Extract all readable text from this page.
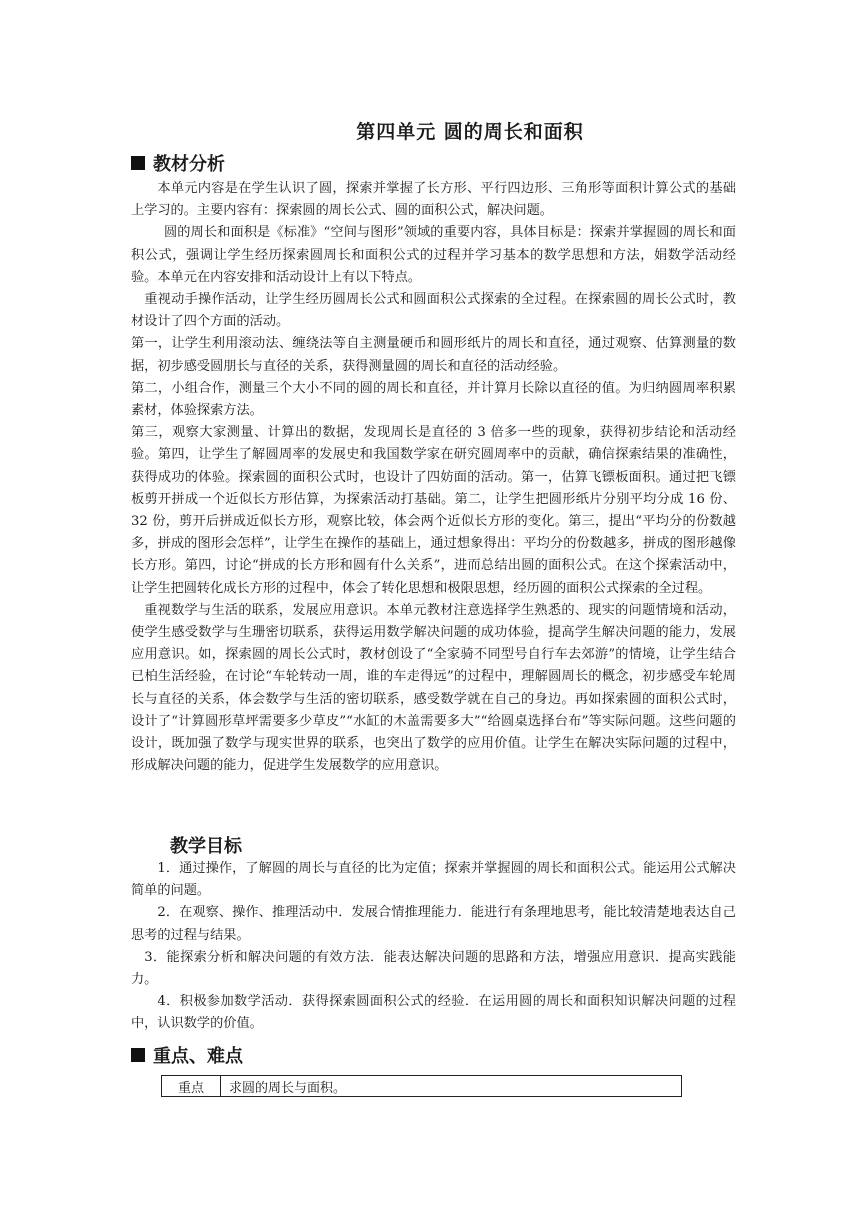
第四单元 圆的周长和面积
教材分析

本单元内容是在学生认识了圆，探索并掌握了长方形、平行四边形、三角形等面积计算公式的基础上学习的。主要内容有：探索圆的周长公式、圆的面积公式，解决问题。

圆的周长和面积是《标准》“空间与图形”领域的重要内容，具体目标是：探索并掌握圆的周长和面积公式，强调让学生经历探索圆周长和面积公式的过程并学习基本的数学思想和方法，娟数学活动经验。本单元在内容安排和活动设计上有以下特点。

重视动手操作活动，让学生经历圆周长公式和圆面积公式探索的全过程。在探索圆的周长公式时，教材设计了四个方面的活动。

第一，让学生利用滚动法、缠绕法等自主测量硬币和圆形纸片的周长和直径，通过观察、估算测量的数据，初步感受圆朋长与直径的关系，获得测量圆的周长和直径的活动经验。

第二，小组合作，测量三个大小不同的圆的周长和直径，并计算月长除以直径的值。为归纳圆周率积累素材，体验探索方法。

第三，观察大家测量、计算出的数据，发现周长是直径的 3 倍多一些的现象，获得初步结论和活动经验。第四，让学生了解圆周率的发展史和我国数学家在研究圆周率中的贡献，确信探索结果的准确性，获得成功的体验。探索圆的面积公式时，也设计了四妨面的活动。第一，估算飞镖板面积。通过把飞镖板剪开拼成一个近似长方形估算，为探索活动打基础。第二，让学生把圆形纸片分别平均分成 16 份、32 份，剪开后拼成近似长方形，观察比较，体会两个近似长方形的变化。第三，提出“平均分的份数越多，拼成的图形会怎样”，让学生在操作的基础上，通过想象得出：平均分的份数越多，拼成的图形越像长方形。第四，讨论“拼成的长方形和圆有什么关系”，进而总结出圆的面积公式。在这个探索活动中，让学生把圆转化成长方形的过程中，体会了转化思想和极限思想，经历圆的面积公式探索的全过程。

重视数学与生活的联系，发展应用意识。本单元教材注意选择学生熟悉的、现实的问题情境和活动，使学生感受数学与生珊密切联系，获得运用数学解决问题的成功体验，提高学生解决问题的能力，发展应用意识。如，探索圆的周长公式时，教材创设了“全家骑不同型号自行车去郊游”的情境，让学生结合已柏生活经验，在讨论“车轮转动一周，谁的车走得远”的过程中，理解圆周长的概念，初步感受车轮周长与直径的关系，体会数学与生活的密切联系，感受数学就在自己的身边。再如探索圆的面积公式时，设计了“计算圆形草坪需要多少草皮”“水缸的木盖需要多大”“给圆桌选择台布”等实际问题。这些问题的设计，既加强了数学与现实世界的联系，也突出了数学的应用价值。让学生在解决实际问题的过程中，形成解决问题的能力，促进学生发展数学的应用意识。

教学目标

1．通过操作，了解圆的周长与直径的比为定值；探索并掌握圆的周长和面积公式。能运用公式解决简单的问题。

2．在观察、操作、推理活动中．发展合情推理能力．能进行有条理地思考，能比较清楚地表达自己思考的过程与结果。

3．能探索分析和解决问题的有效方法．能表达解决问题的思路和方法，增强应用意识．提高实践能力。

4．积极参加数学活动．获得探索圆面积公式的经验．在运用圆的周长和面积知识解决问题的过程中，认识数学的价值。

重点、难点
重点	求圆的周长与面积。
